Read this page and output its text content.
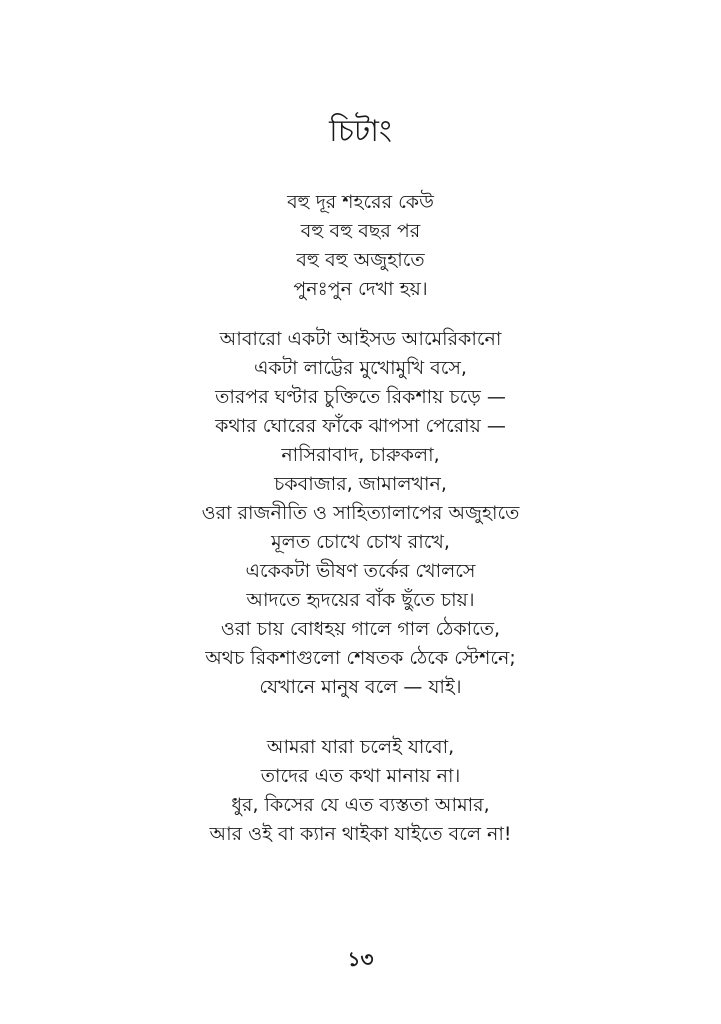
চিটাং
বহু দূর শহরের কেউ
বহু বহু বছর পর
বহু বহু অজুহাতে
পুনঃপুন দেখা হয়।
আবারো একটা আইসড আমেরিকানো
একটা লাট্টের মুখোমুখি বসে,
তারপর ঘণ্টার চুক্তিতে রিকশায় চড়ে —
কথার ঘোরের ফাঁকে ঝাপসা পেরোয় —
নাসিরাবাদ, চারুকলা,
চকবাজার, জামালখান,
ওরা রাজনীতি ও সাহিত্যালাপের অজুহাতে
মূলত চোখে চোখ রাখে,
একেকটা ভীষণ তর্কের খোলসে
আদতে হৃদয়ের বাঁক ছুঁতে চায়।
ওরা চায় বোধহয় গালে গাল ঠেকাতে,
অথচ রিকশাগুলো শেষতক ঠেকে স্টেশনে;
যেখানে মানুষ বলে — যাই।
আমরা যারা চলেই যাবো,
তাদের এত কথা মানায় না।
ধুর, কিসের যে এত ব্যস্ততা আমার,
আর ওই বা ক্যান থাইকা যাইতে বলে না!
১৩
